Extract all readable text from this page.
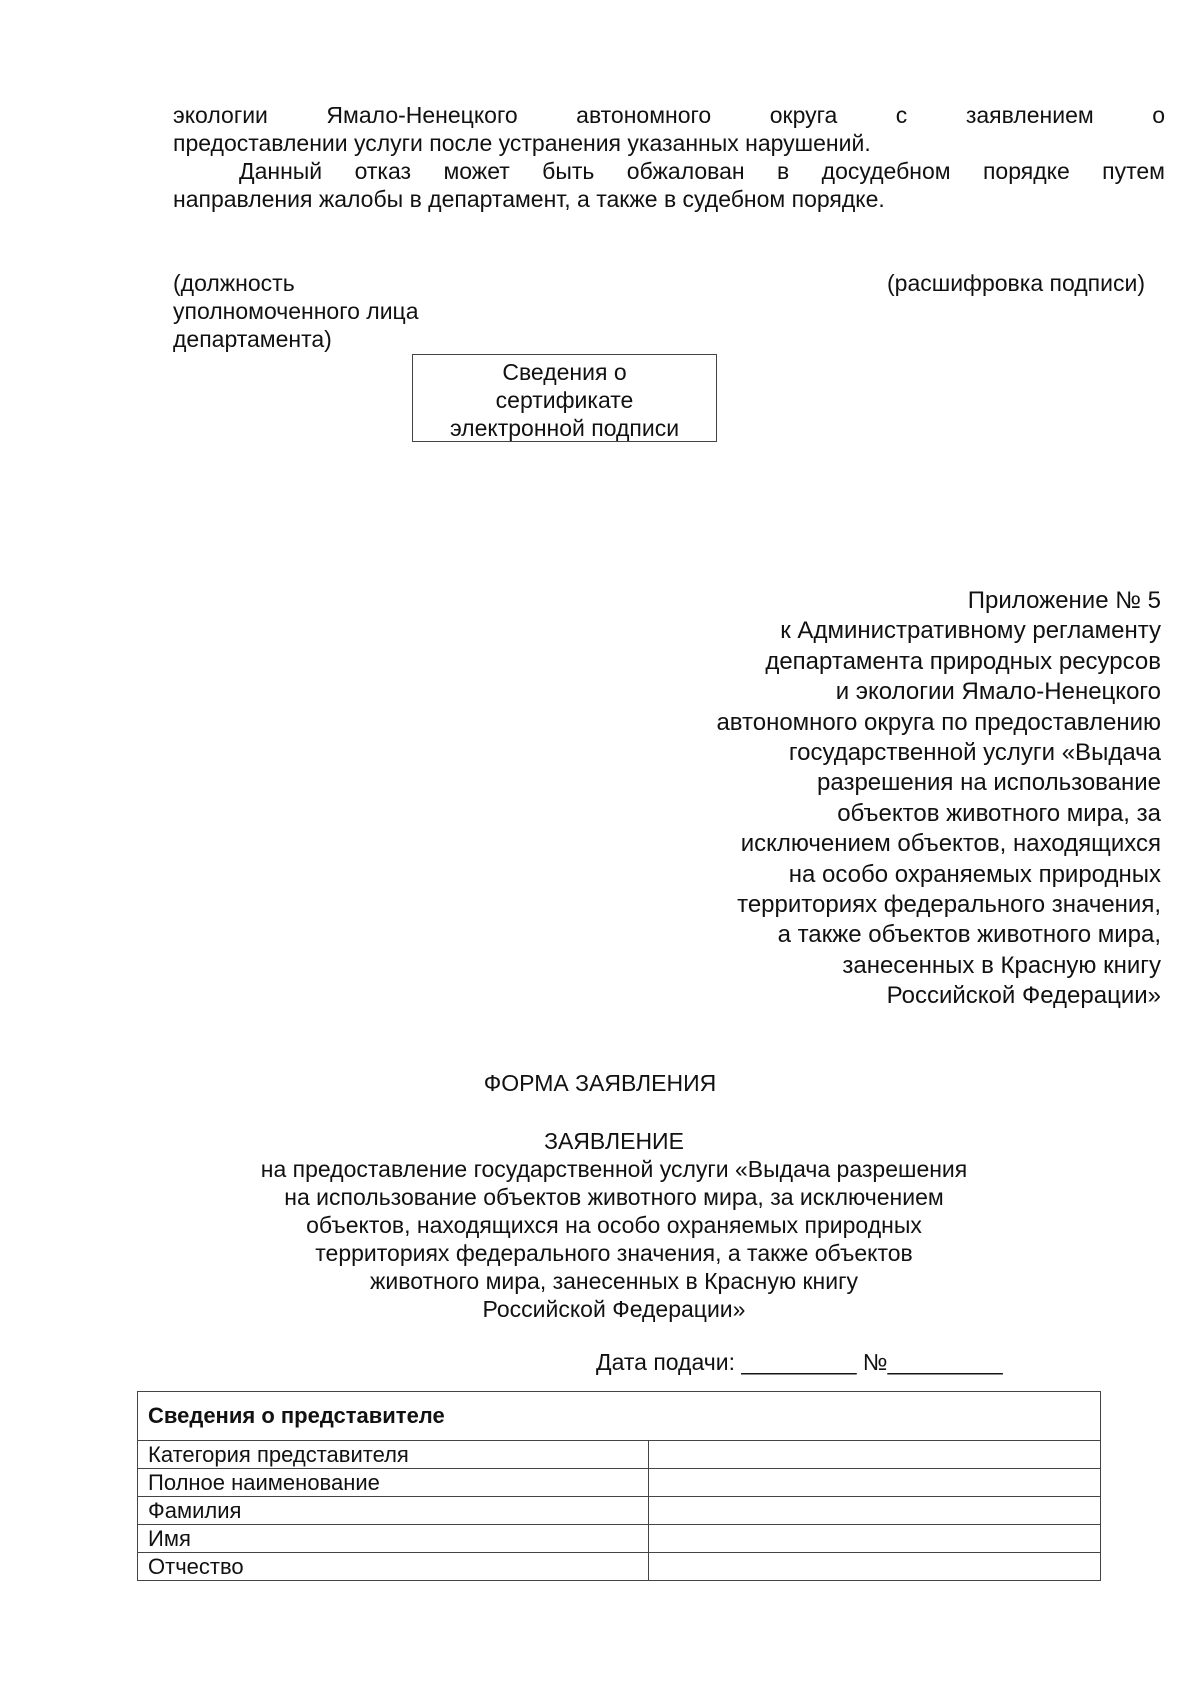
экологии Ямало-Ненецкого автономного округа с заявлением о
предоставлении услуги после устранения указанных нарушений.
Данный отказ может быть обжалован в досудебном порядке путем
направления жалобы в департамент, а также в судебном порядке.
(должность
уполномоченного лица
департамента)
(расшифровка подписи)
Сведения о
сертификате
электронной подписи
Приложение № 5
к Административному регламенту
департамента природных ресурсов
и экологии Ямало-Ненецкого
автономного округа по предоставлению
государственной услуги «Выдача
разрешения на использование
объектов животного мира, за
исключением объектов, находящихся
на особо охраняемых природных
территориях федерального значения,
а также объектов животного мира,
занесенных в Красную книгу
Российской Федерации»
ФОРМА ЗАЯВЛЕНИЯ
ЗАЯВЛЕНИЕ
на предоставление государственной услуги «Выдача разрешения
на использование объектов животного мира, за исключением
объектов, находящихся на особо охраняемых природных
территориях федерального значения, а также объектов
животного мира, занесенных в Красную книгу
Российской Федерации»
Дата подачи: _________ №_________
Сведения о представителе	
Категория представителя	
Полное наименование	
Фамилия	
Имя	
Отчество	
